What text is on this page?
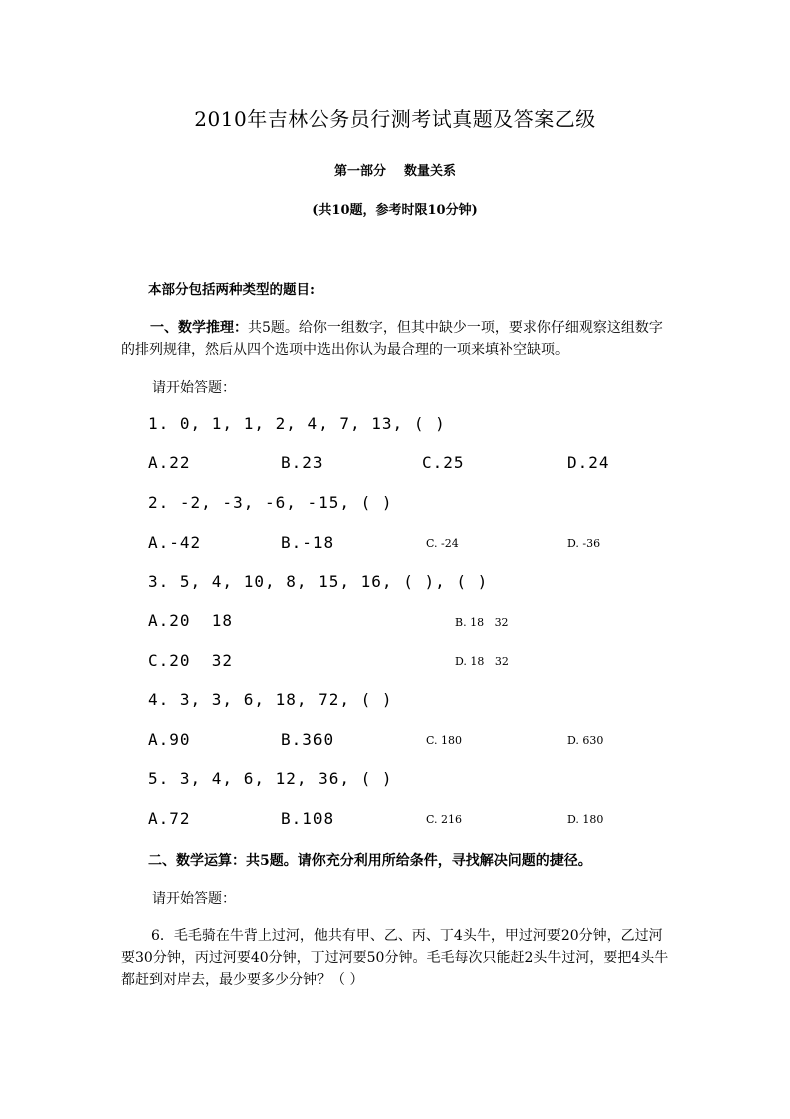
2010年吉林公务员行测考试真题及答案乙级
第一部分    数量关系
(共10题，参考时限10分钟)
本部分包括两种类型的题目:
一、数学推理：共5题。给你一组数字，但其中缺少一项，要求你仔细观察这组数字的排列规律，然后从四个选项中选出你认为最合理的一项来填补空缺项。
请开始答题：
1. 0, 1, 1, 2, 4, 7, 13, ( )
A.22	B.23	C.25	D.24
2. -2, -3, -6, -15, ( )
A.-42	B.-18	C. -24	D. -36
3. 5, 4, 10, 8, 15, 16, ( ), ( )
A.20  18	B. 18   32
C.20  32	D. 18   32
4. 3, 3, 6, 18, 72, ( )
A.90	B.360	C. 180	D. 630
5. 3, 4, 6, 12, 36, ( )
A.72	B.108	C. 216	D. 180
二、数学运算：共5题。请你充分利用所给条件，寻找解决问题的捷径。
请开始答题：
6．毛毛骑在牛背上过河，他共有甲、乙、丙、丁4头牛，甲过河要20分钟，乙过河要30分钟，丙过河要40分钟，丁过河要50分钟。毛毛每次只能赶2头牛过河，要把4头牛都赶到对岸去，最少要多少分钟？（ ）
